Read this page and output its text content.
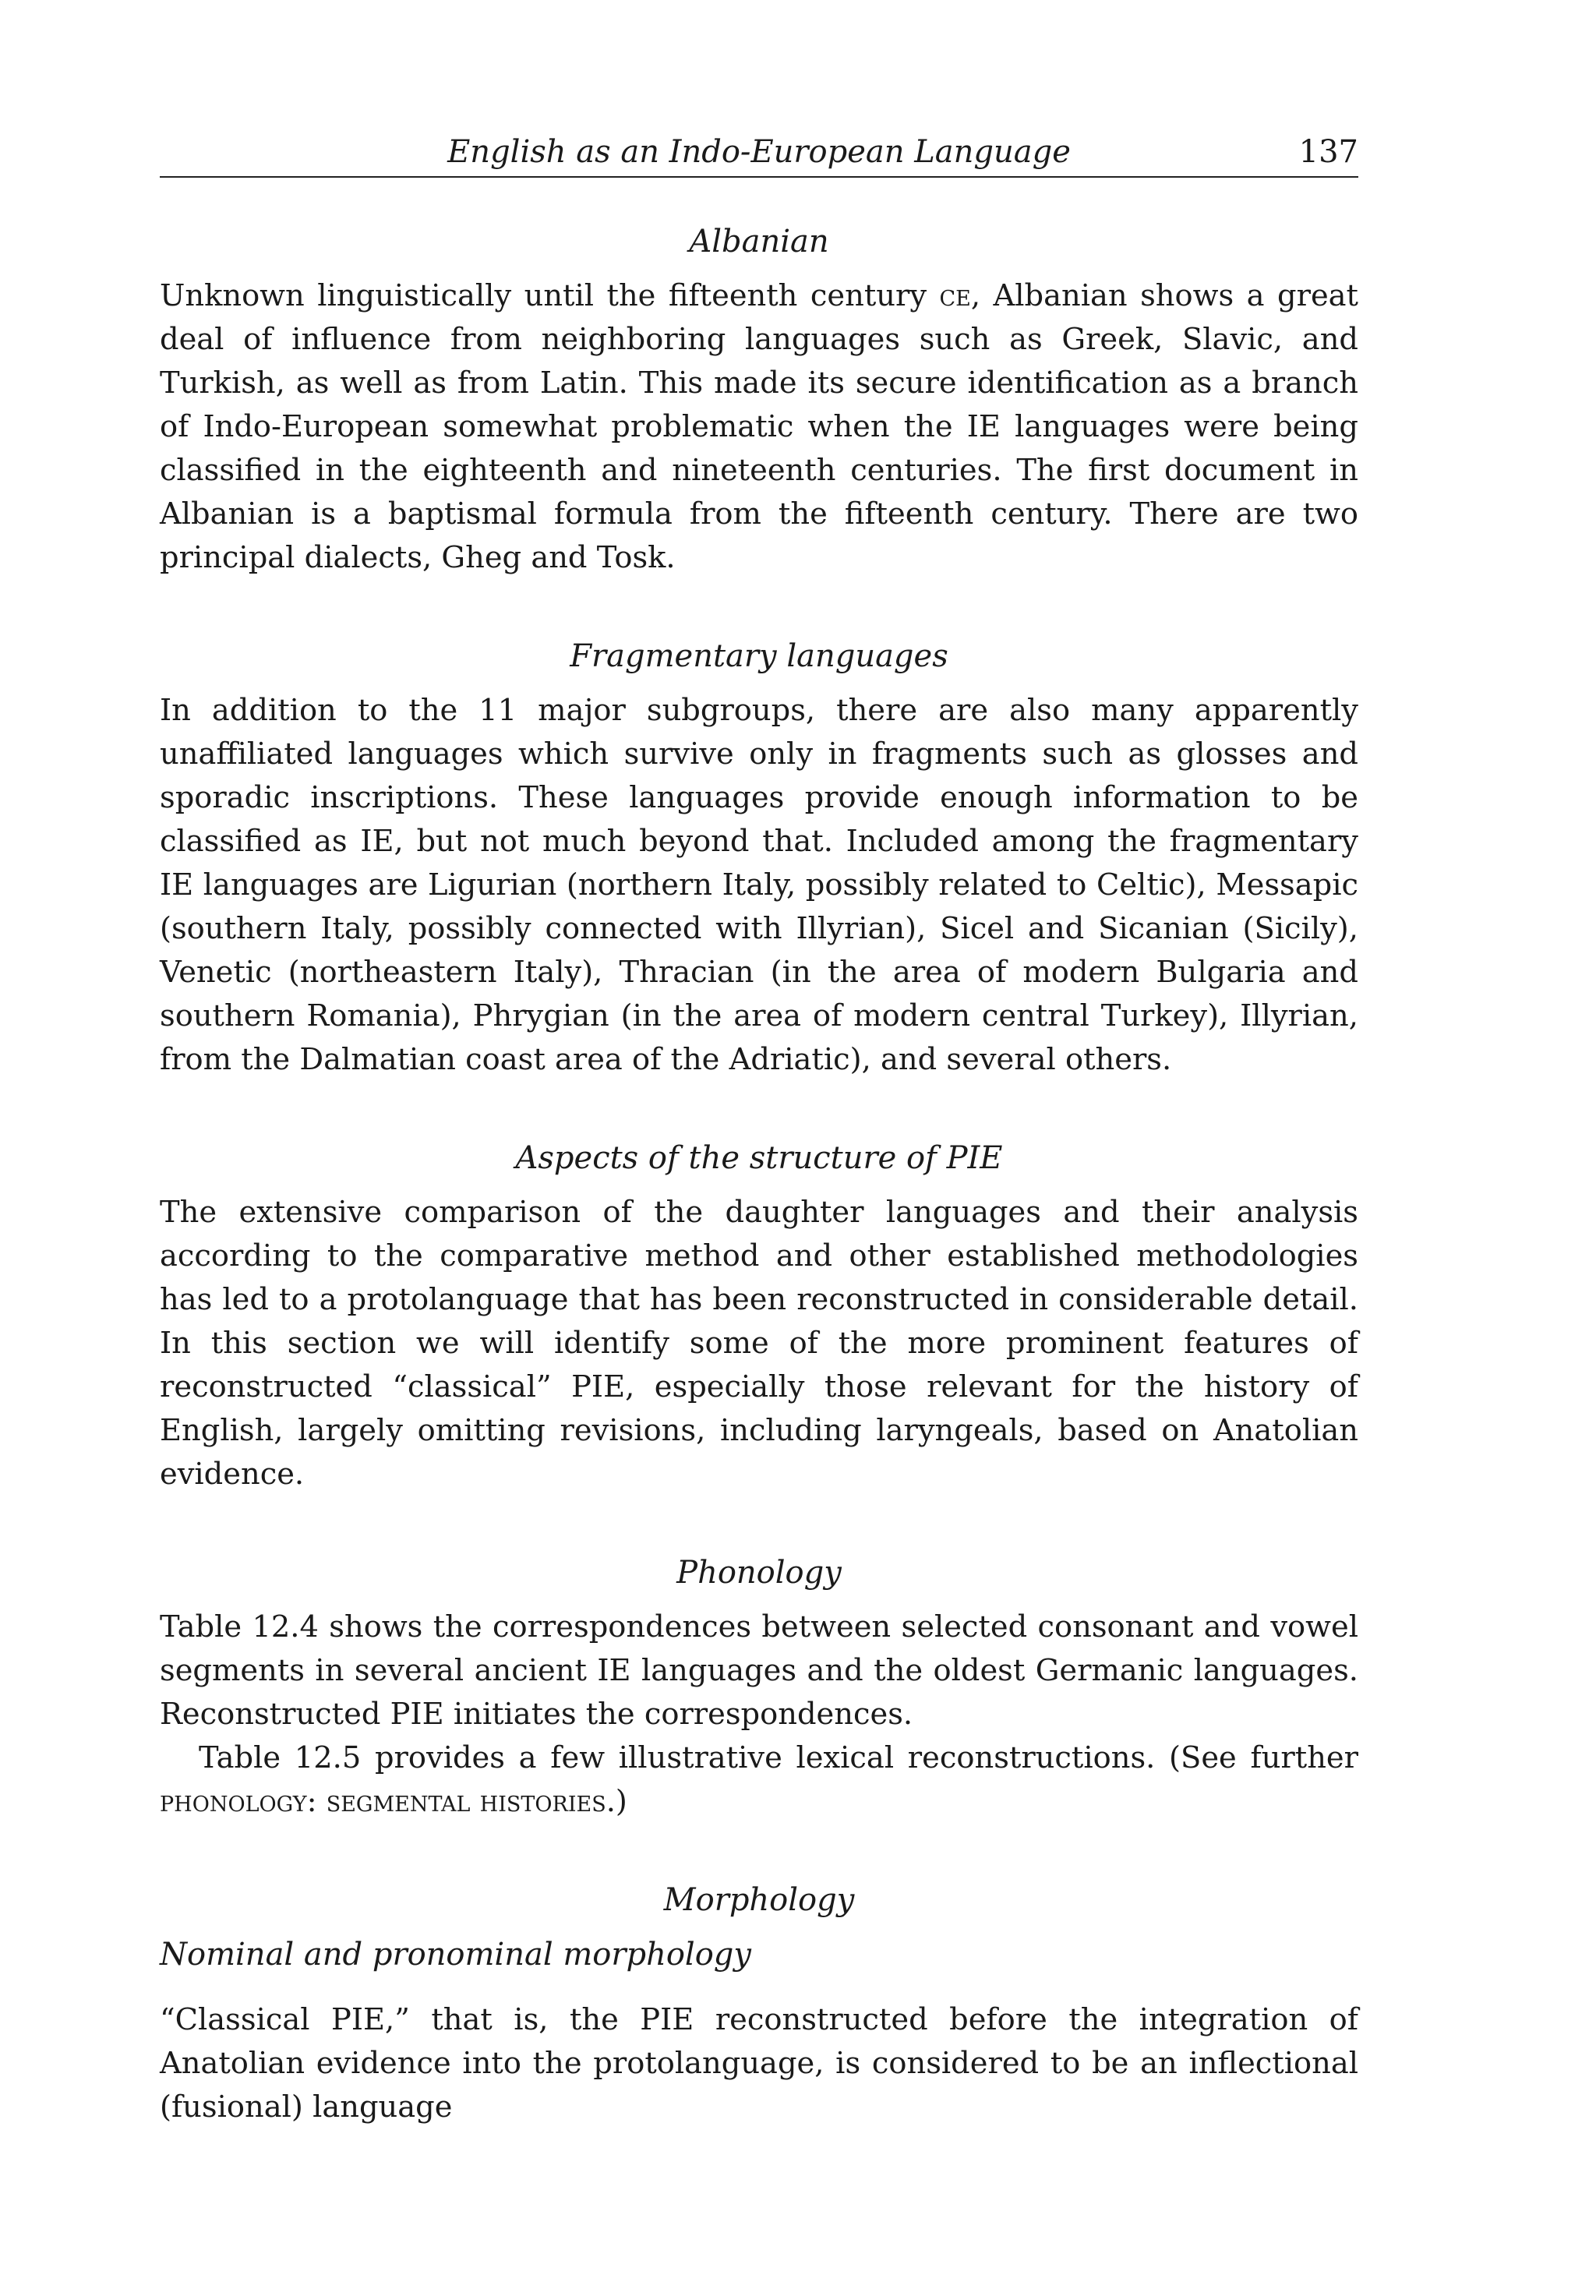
English as an Indo-European Language	137
Albanian

Unknown linguistically until the fifteenth century ce, Albanian shows a great deal of influence from neighboring languages such as Greek, Slavic, and Turkish, as well as from Latin. This made its secure identification as a branch of Indo-European somewhat problematic when the IE languages were being classified in the eighteenth and nineteenth centuries. The first document in Albanian is a baptismal formula from the fifteenth century. There are two principal dialects, Gheg and Tosk.

Fragmentary languages

In addition to the 11 major subgroups, there are also many apparently unaffiliated languages which survive only in fragments such as glosses and sporadic inscriptions. These languages provide enough information to be classified as IE, but not much beyond that. Included among the fragmentary IE languages are Ligurian (northern Italy, possibly related to Celtic), Messapic (southern Italy, possibly connected with Illyrian), Sicel and Sicanian (Sicily), Venetic (northeastern Italy), Thracian (in the area of modern Bulgaria and southern Romania), Phrygian (in the area of modern central Turkey), Illyrian, from the Dalmatian coast area of the Adriatic), and several others.

Aspects of the structure of PIE

The extensive comparison of the daughter languages and their analysis according to the comparative method and other established methodologies has led to a protolanguage that has been reconstructed in considerable detail. In this section we will identify some of the more prominent features of reconstructed “classical” PIE, especially those relevant for the history of English, largely omitting revisions, including laryngeals, based on Anatolian evidence.

Phonology

Table 12.4 shows the correspondences between selected consonant and vowel segments in several ancient IE languages and the oldest Germanic languages. Reconstructed PIE initiates the correspondences.

Table 12.5 provides a few illustrative lexical reconstructions. (See further phonology: segmental histories.)

Morphology
Nominal and pronominal morphology

“Classical PIE,” that is, the PIE reconstructed before the integration of Anatolian evidence into the protolanguage, is considered to be an inflectional (fusional) language
